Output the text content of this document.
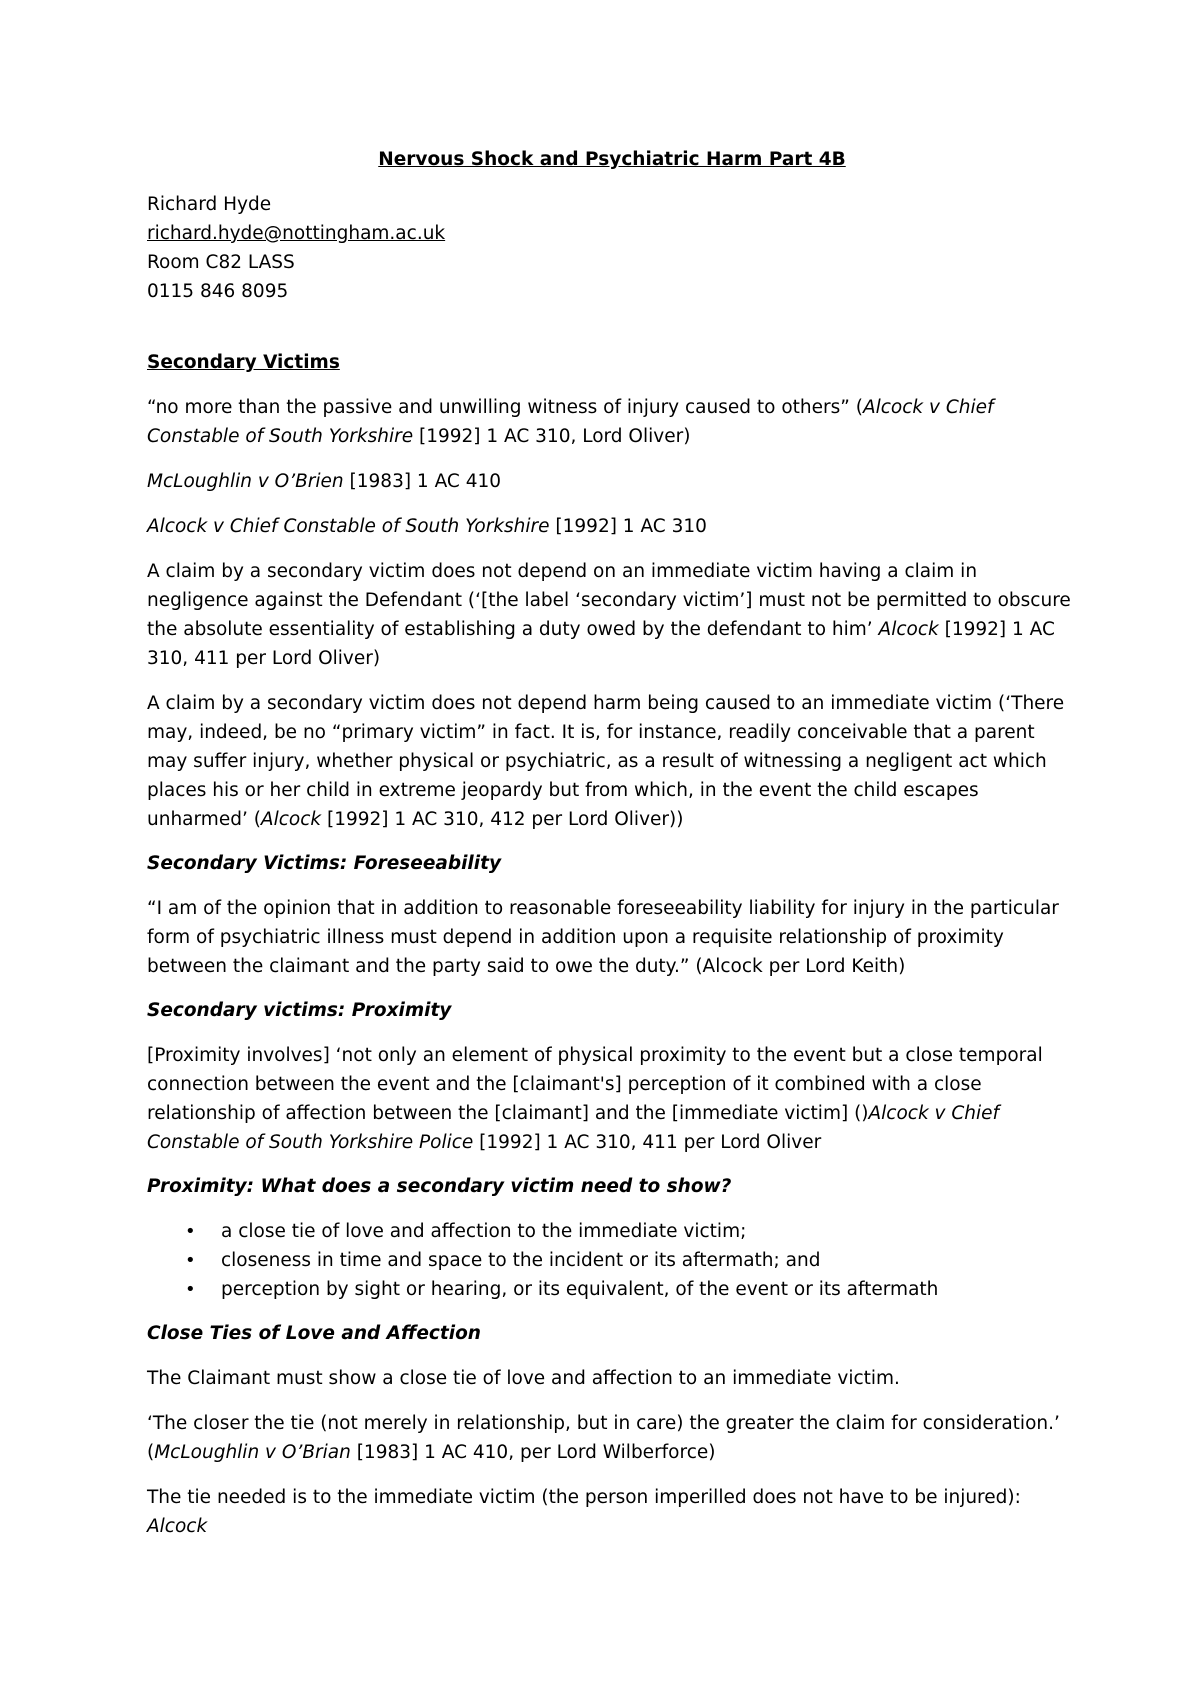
Nervous Shock and Psychiatric Harm Part 4B

Richard Hyde

richard.hyde@nottingham.ac.uk

Room C82 LASS

0115 846 8095

Secondary Victims

“no more than the passive and unwilling witness of injury caused to others” (Alcock v Chief Constable of South Yorkshire [1992] 1 AC 310, Lord Oliver)

McLoughlin v O’Brien [1983] 1 AC 410

Alcock v Chief Constable of South Yorkshire [1992] 1 AC 310

A claim by a secondary victim does not depend on an immediate victim having a claim in negligence against the Defendant (‘[the label ‘secondary victim’] must not be permitted to obscure the absolute essentiality of establishing a duty owed by the defendant to him’ Alcock [1992] 1 AC 310, 411 per Lord Oliver)

A claim by a secondary victim does not depend harm being caused to an immediate victim (‘There may, indeed, be no “primary victim” in fact. It is, for instance, readily conceivable that a parent may suffer injury, whether physical or psychiatric, as a result of witnessing a negligent act which places his or her child in extreme jeopardy but from which, in the event the child escapes unharmed’ (Alcock [1992] 1 AC 310, 412 per Lord Oliver))

Secondary Victims: Foreseeability

“I am of the opinion that in addition to reasonable foreseeability liability for injury in the particular form of psychiatric illness must depend in addition upon a requisite relationship of proximity between the claimant and the party said to owe the duty.” (Alcock per Lord Keith)

Secondary victims: Proximity

[Proximity involves] ‘not only an element of physical proximity to the event but a close temporal connection between the event and the [claimant's] perception of it combined with a close relationship of affection between the [claimant] and the [immediate victim] ()Alcock v Chief Constable of South Yorkshire Police [1992] 1 AC 310, 411 per Lord Oliver

Proximity: What does a secondary victim need to show?

• a close tie of love and affection to the immediate victim;
• closeness in time and space to the incident or its aftermath; and
• perception by sight or hearing, or its equivalent, of the event or its aftermath

Close Ties of Love and Affection

The Claimant must show a close tie of love and affection to an immediate victim.

‘The closer the tie (not merely in relationship, but in care) the greater the claim for consideration.’ (McLoughlin v O’Brian [1983] 1 AC 410, per Lord Wilberforce)

The tie needed is to the immediate victim (the person imperilled does not have to be injured): Alcock
